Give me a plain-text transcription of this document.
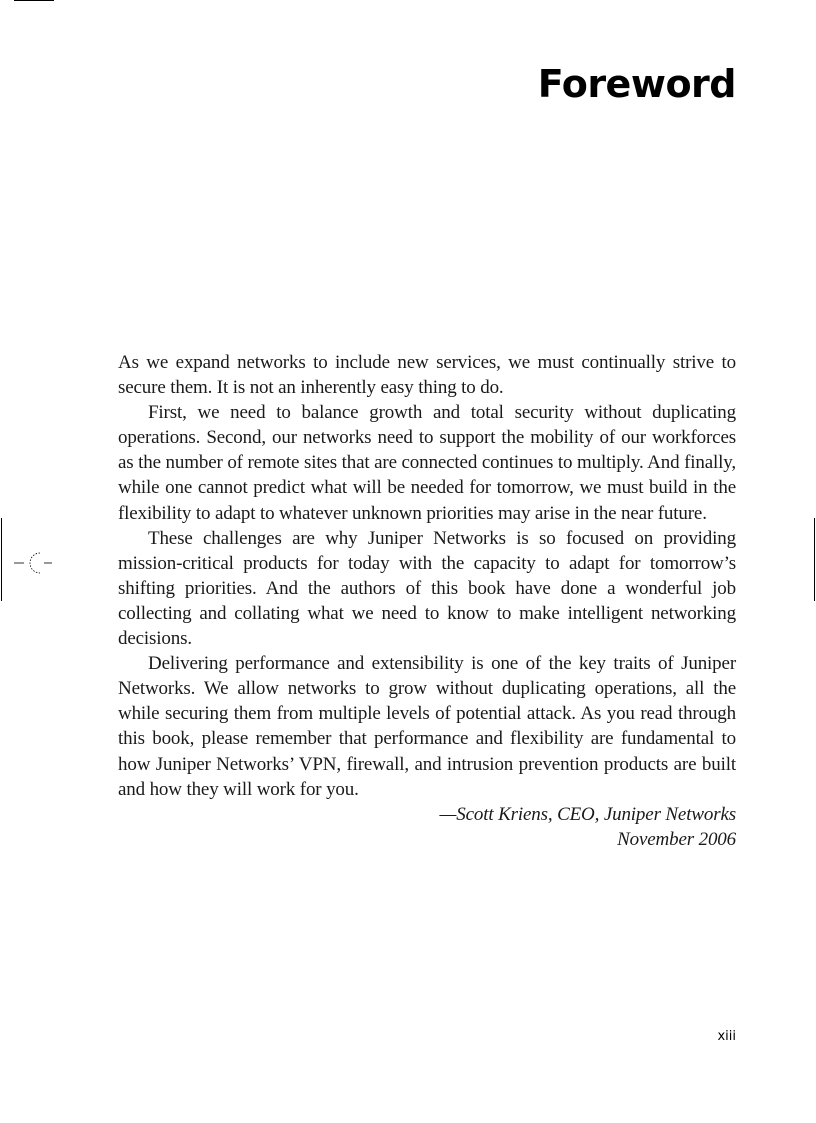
Foreword

As we expand networks to include new services, we must continually strive to secure them. It is not an inherently easy thing to do.

First, we need to balance growth and total security without duplicating operations. Second, our networks need to support the mobility of our workforces as the number of remote sites that are connected continues to multiply. And finally, while one cannot predict what will be needed for tomorrow, we must build in the flexibility to adapt to whatever unknown priorities may arise in the near future.

These challenges are why Juniper Networks is so focused on providing mission-critical products for today with the capacity to adapt for tomorrow’s shifting priorities. And the authors of this book have done a wonderful job collecting and collating what we need to know to make intelligent networking decisions.

Delivering performance and extensibility is one of the key traits of Juniper Networks. We allow networks to grow without duplicating operations, all the while securing them from multiple levels of potential attack. As you read through this book, please remember that performance and flexibility are fundamental to how Juniper Networks’ VPN, firewall, and intrusion prevention products are built and how they will work for you.

—Scott Kriens, CEO, Juniper Networks

November 2006

xiii
